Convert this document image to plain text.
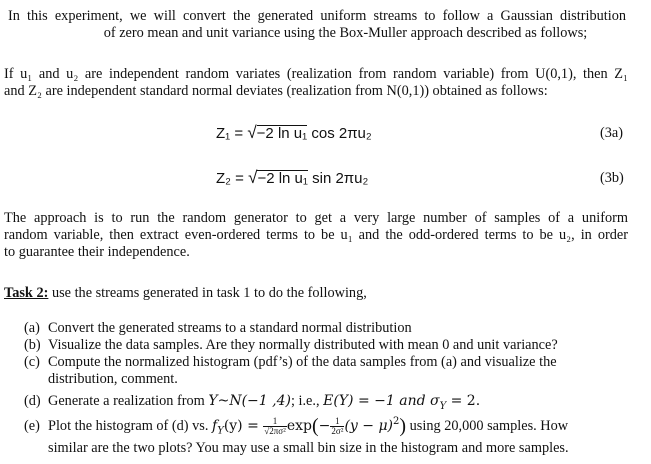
In this experiment, we will convert the generated uniform streams to follow a Gaussian distribution
of zero mean and unit variance using the Box-Muller approach described as follows;
If u₁ and u₂ are independent random variates (realization from random variable) from U(0,1), then Z₁
and Z₂ are independent standard normal deviates (realization from N(0,1)) obtained as follows:
Z₁ = √−2 ln u₁ cos 2πu₂	(3a)
Z₂ = √−2 ln u₁ sin 2πu₂	(3b)
The approach is to run the random generator to get a very large number of samples of a uniform
random variable, then extract even-ordered terms to be u₁ and the odd-ordered terms to be u₂, in order
to guarantee their independence.
Task 2: use the streams generated in task 1 to do the following,
(a) Convert the generated streams to a standard normal distribution
(b) Visualize the data samples. Are they normally distributed with mean 0 and unit variance?
(c) Compute the normalized histogram (pdf’s) of the data samples from (a) and visualize the
distribution, comment.
(d) Generate a realization from Y~N(−1 ,4); i.e., E(Y) = −1 and $\sigma_Y = 2$.
(e) Plot the histogram of (d) vs. $f_Y(y) = \frac{1}{\text{√2πσ²}} \exp(- \frac{1}{\text{2σ²}} (y - \mu)^2)$ using 20,000 samples. How
similar are the two plots? You may use a small bin size in the histogram and more samples.
